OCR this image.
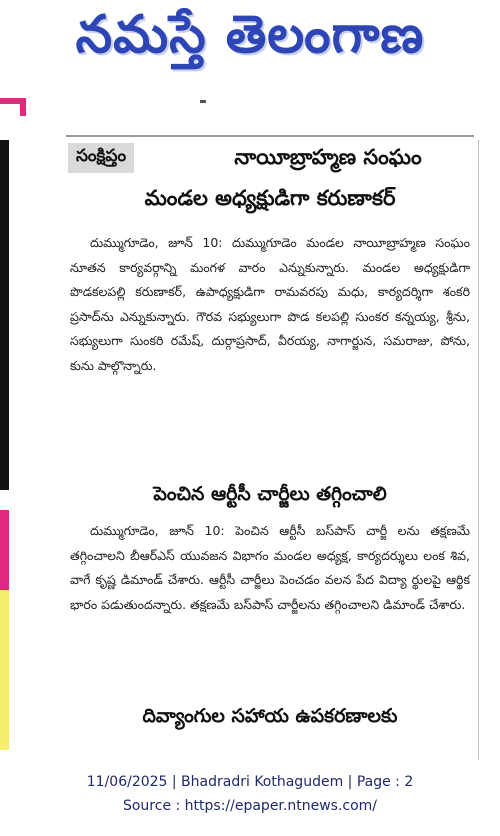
నమస్తే తెలంగాణ
సంక్షిప్తం	నాయీబ్రాహ్మణ సంఘం
మండల అధ్యక్షుడిగా కరుణాకర్
దుమ్ముగూడెం, జూన్ 10: దుమ్ముగూడెం మండల నాయీబ్రాహ్మణ సంఘం నూతన కార్యవర్గాన్ని మంగళ వారం ఎన్నుకున్నారు. మండల అధ్యక్షుడిగా పొడకలపల్లి కరుణాకర్, ఉపాధ్యక్షుడిగా రామవరపు మధు, కార్యదర్శిగా శంకరి ప్రసాద్‌ను ఎన్నుకున్నారు. గౌరవ సభ్యులుగా పొడ కలపల్లి సుంకర కన్నయ్య, శ్రీను, సభ్యులుగా సుంకరి రమేష్, దుర్గాప్రసాద్, వీరయ్య, నాగార్జున, సమరాజు, పోను, కును పాల్గొన్నారు.
పెంచిన ఆర్టీసీ చార్జీలు తగ్గించాలి
దుమ్ముగూడెం, జూన్ 10: పెంచిన ఆర్టీసీ బస్‌పాస్ చార్జీ లను తక్షణమే తగ్గించాలని బీఆర్‌ఎస్ యువజన విభాగం మండల అధ్యక్ష, కార్యదర్శులు లంక శివ, వాగే కృష్ణ డిమాండ్ చేశారు. ఆర్టీసీ చార్జీలు పెంచడం వలన పేద విద్యా ర్థులపై ఆర్థిక భారం పడుతుందన్నారు. తక్షణమే బస్‌పాస్ చార్జీలను తగ్గించాలని డిమాండ్ చేశారు.
దివ్యాంగుల సహాయ ఉపకరణాలకు
11/06/2025 | Bhadradri Kothagudem | Page : 2
Source : https://epaper.ntnews.com/
